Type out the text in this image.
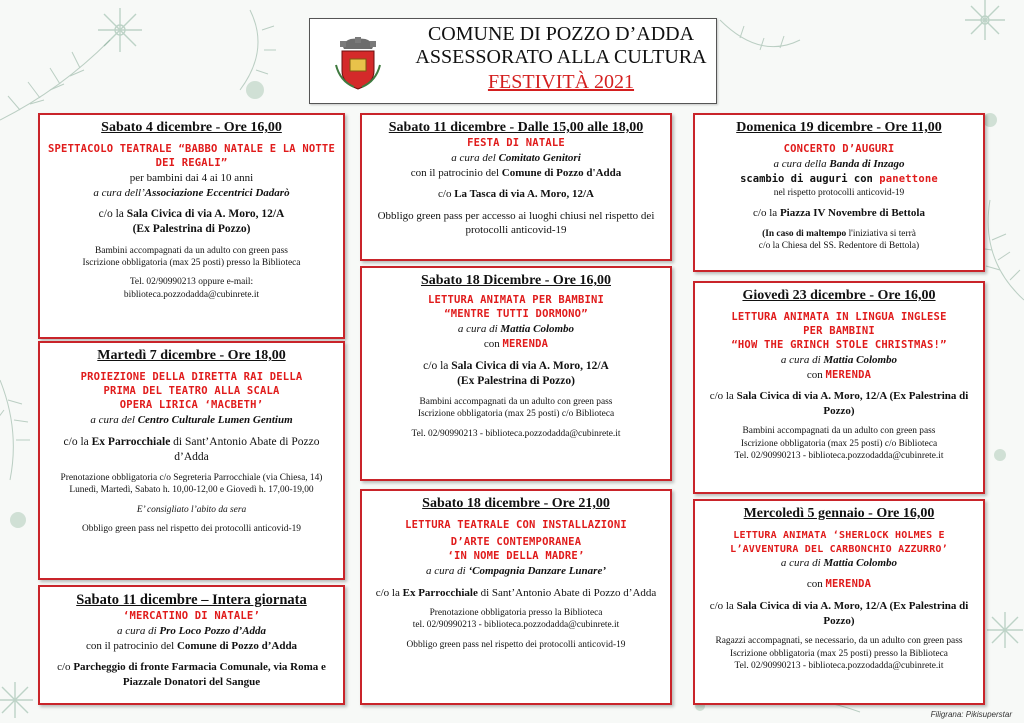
COMUNE DI POZZO D’ADDA
ASSESSORATO ALLA CULTURA
FESTIVITÀ 2021

Sabato 4 dicembre - Ore 16,00

SPETTACOLO TEATRALE “BABBO NATALE E LA NOTTE DEI REGALI”

per bambini dai 4 ai 10 anni

a cura dell’Associazione Eccentrici Dadarò

c/o la Sala Civica di via A. Moro, 12/A

(Ex Palestrina di Pozzo)

Bambini accompagnati da un adulto con green pass

Iscrizione obbligatoria (max 25 posti) presso la Biblioteca

Tel. 02/90990213 oppure e-mail:

biblioteca.pozzodadda@cubinrete.it

Martedì 7 dicembre - Ore 18,00

PROIEZIONE DELLA DIRETTA RAI DELLA

PRIMA DEL TEATRO ALLA SCALA

OPERA LIRICA ‘MACBETH’

a cura del Centro Culturale Lumen Gentium

c/o la Ex Parrocchiale di Sant’Antonio Abate di Pozzo d’Adda

Prenotazione obbligatoria c/o Segreteria Parrocchiale (via Chiesa, 14)

Lunedì, Martedì, Sabato h. 10,00-12,00 e Giovedì h. 17,00-19,00

E’ consigliato l’abito da sera

Obbligo green pass nel rispetto dei protocolli anticovid-19

Sabato 11 dicembre – Intera giornata

‘MERCATINO DI NATALE’

a cura di Pro Loco Pozzo d’Adda

con il patrocinio del Comune di Pozzo d’Adda

c/o Parcheggio di fronte Farmacia Comunale, via Roma e Piazzale Donatori del Sangue

Sabato 11 dicembre - Dalle 15,00 alle 18,00

FESTA DI NATALE

a cura del Comitato Genitori

con il patrocinio del Comune di Pozzo d'Adda

c/o La Tasca di via A. Moro, 12/A

Obbligo green pass per accesso ai luoghi chiusi nel rispetto dei protocolli anticovid-19

Sabato 18 Dicembre - Ore 16,00

LETTURA ANIMATA PER BAMBINI

“MENTRE TUTTI DORMONO”

a cura di Mattia Colombo

con MERENDA

c/o la Sala Civica di via A. Moro, 12/A

(Ex Palestrina di Pozzo)

Bambini accompagnati da un adulto con green pass

Iscrizione obbligatoria (max 25 posti) c/o Biblioteca

Tel. 02/90990213 - biblioteca.pozzodadda@cubinrete.it

Sabato 18 dicembre - Ore 21,00

LETTURA TEATRALE CON INSTALLAZIONI

D’ARTE CONTEMPORANEA

‘IN NOME DELLA MADRE’

a cura di ‘Compagnia Danzare Lunare’

c/o la Ex Parrocchiale di Sant’Antonio Abate di Pozzo d’Adda

Prenotazione obbligatoria presso la Biblioteca

tel. 02/90990213 - biblioteca.pozzodadda@cubinrete.it

Obbligo green pass nel rispetto dei protocolli anticovid-19

Domenica 19 dicembre - Ore 11,00

CONCERTO D’AUGURI

a cura della Banda di Inzago

scambio di auguri con panettone

nel rispetto protocolli anticovid-19

c/o la Piazza IV Novembre di Bettola

(In caso di maltempo l'iniziativa si terrà

c/o la Chiesa del SS. Redentore di Bettola)

Giovedì 23 dicembre - Ore 16,00

LETTURA ANIMATA IN LINGUA INGLESE

PER BAMBINI

“HOW THE GRINCH STOLE CHRISTMAS!”

a cura di Mattia Colombo

con MERENDA

c/o la Sala Civica di via A. Moro, 12/A (Ex Palestrina di Pozzo)

Bambini accompagnati da un adulto con green pass

Iscrizione obbligatoria (max 25 posti) c/o Biblioteca

Tel. 02/90990213 - biblioteca.pozzodadda@cubinrete.it

Mercoledì 5 gennaio - Ore 16,00

LETTURA ANIMATA ‘SHERLOCK HOLMES E

L’AVVENTURA DEL CARBONCHIO AZZURRO’

a cura di Mattia Colombo

con MERENDA

c/o la Sala Civica di via A. Moro, 12/A (Ex Palestrina di Pozzo)

Ragazzi accompagnati, se necessario, da un adulto con green pass

Iscrizione obbligatoria (max 25 posti) presso la Biblioteca

Tel. 02/90990213 - biblioteca.pozzodadda@cubinrete.it

Filigrana: Pikisuperstar
